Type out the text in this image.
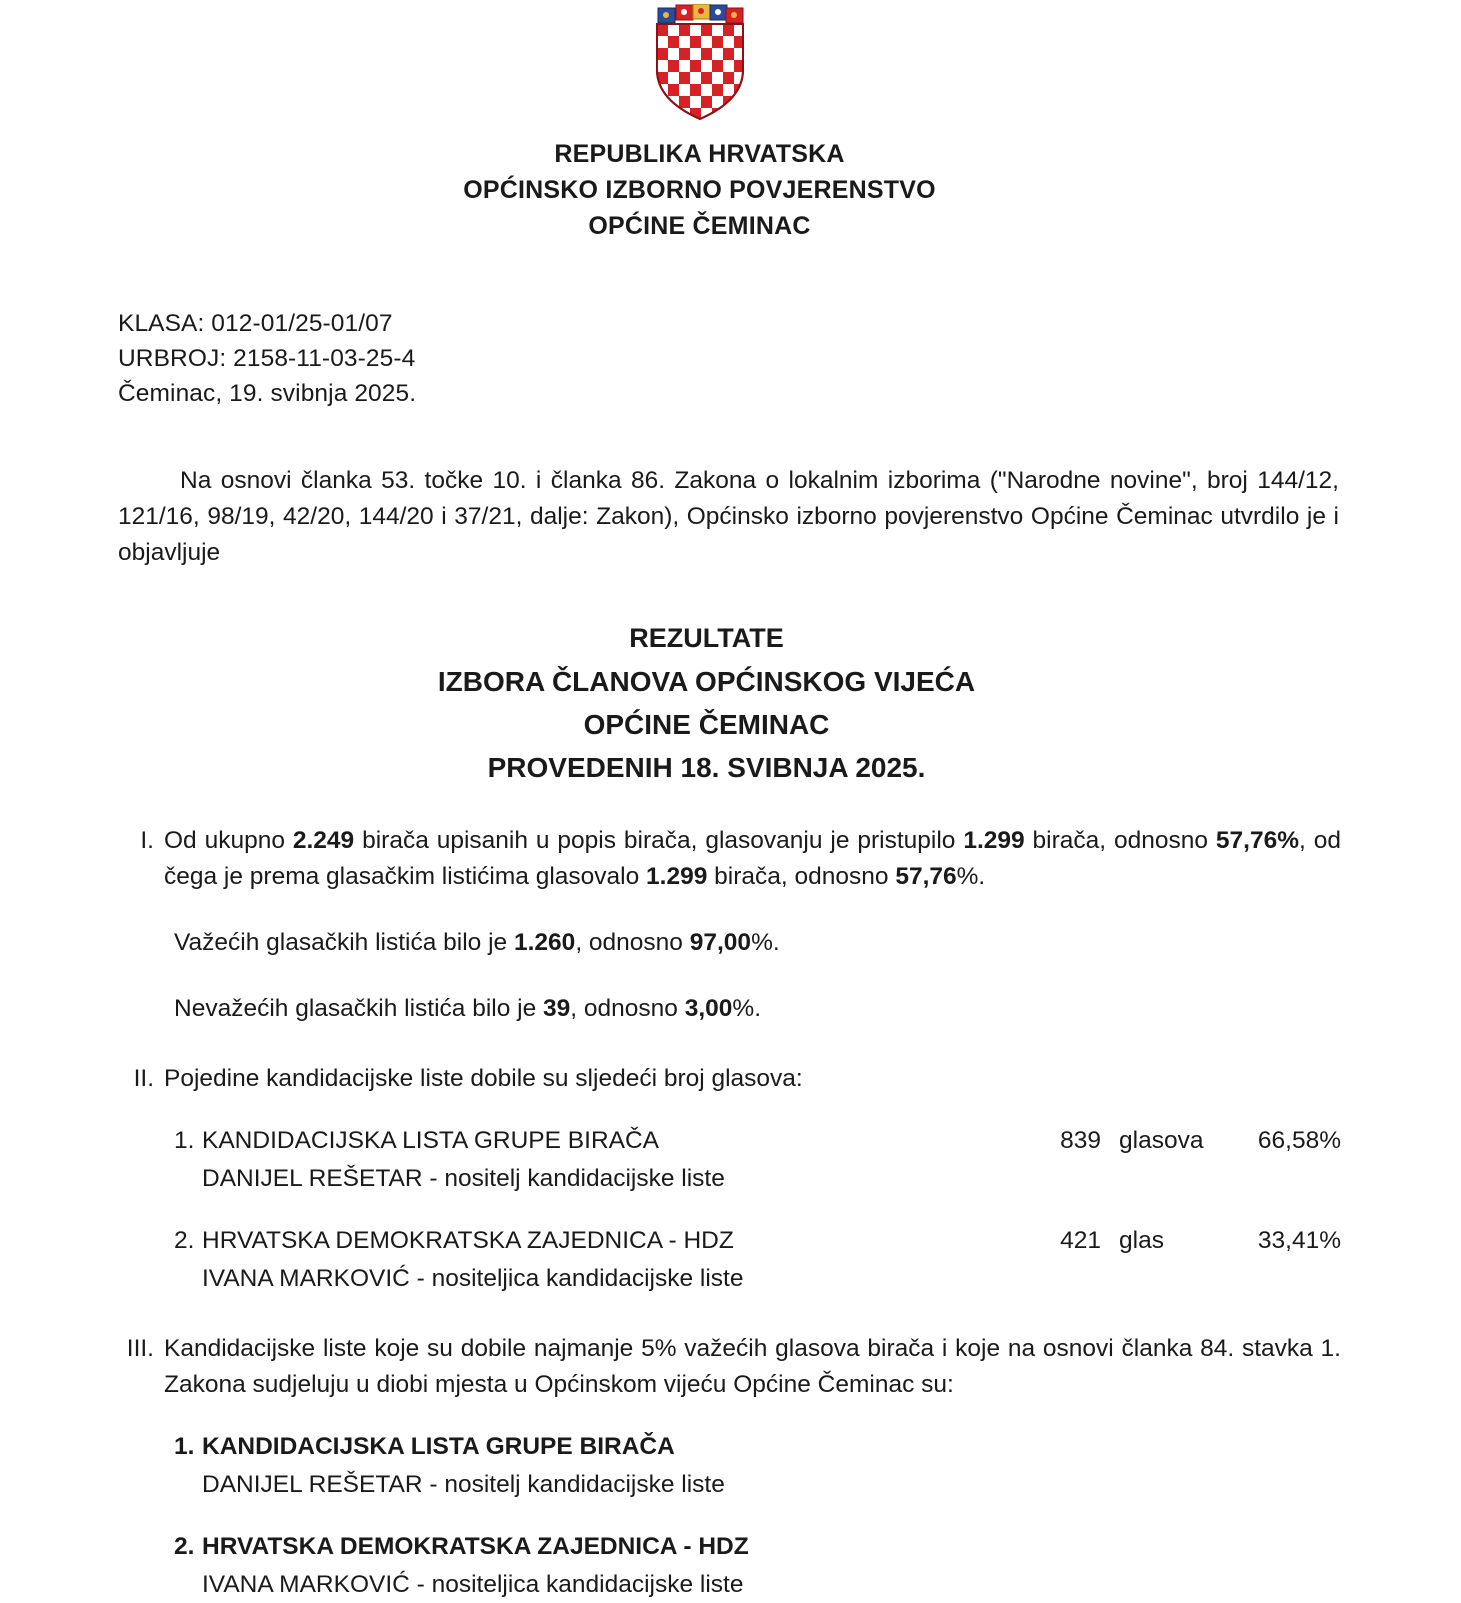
REPUBLIKA HRVATSKA
OPĆINSKO IZBORNO POVJERENSTVO
OPĆINE ČEMINAC
KLASA: 012-01/25-01/07
URBROJ: 2158-11-03-25-4
Čeminac, 19. svibnja 2025.
Na osnovi članka 53. točke 10. i članka 86. Zakona o lokalnim izborima ("Narodne novine", broj 144/12, 121/16, 98/19, 42/20, 144/20 i 37/21, dalje: Zakon), Općinsko izborno povjerenstvo Općine Čeminac utvrdilo je i objavljuje
REZULTATE
IZBORA ČLANOVA OPĆINSKOG VIJEĆA
OPĆINE ČEMINAC
PROVEDENIH 18. SVIBNJA 2025.
I. Od ukupno 2.249 birača upisanih u popis birača, glasovanju je pristupilo 1.299 birača, odnosno 57,76%, od čega je prema glasačkim listićima glasovalo 1.299 birača, odnosno 57,76%.
Važećih glasačkih listića bilo je 1.260, odnosno 97,00%.
Nevažećih glasačkih listića bilo je 39, odnosno 3,00%.
II. Pojedine kandidacijske liste dobile su sljedeći broj glasova:
1. KANDIDACIJSKA LISTA GRUPE BIRAČA	839 glasova	66,58%
DANIJEL REŠETAR - nositelj kandidacijske liste
2. HRVATSKA DEMOKRATSKA ZAJEDNICA - HDZ	421 glas	33,41%
IVANA MARKOVIĆ - nositeljica kandidacijske liste
III. Kandidacijske liste koje su dobile najmanje 5% važećih glasova birača i koje na osnovi članka 84. stavka 1. Zakona sudjeluju u diobi mjesta u Općinskom vijeću Općine Čeminac su:
1. KANDIDACIJSKA LISTA GRUPE BIRAČA
DANIJEL REŠETAR - nositelj kandidacijske liste
2. HRVATSKA DEMOKRATSKA ZAJEDNICA - HDZ
IVANA MARKOVIĆ - nositeljica kandidacijske liste
